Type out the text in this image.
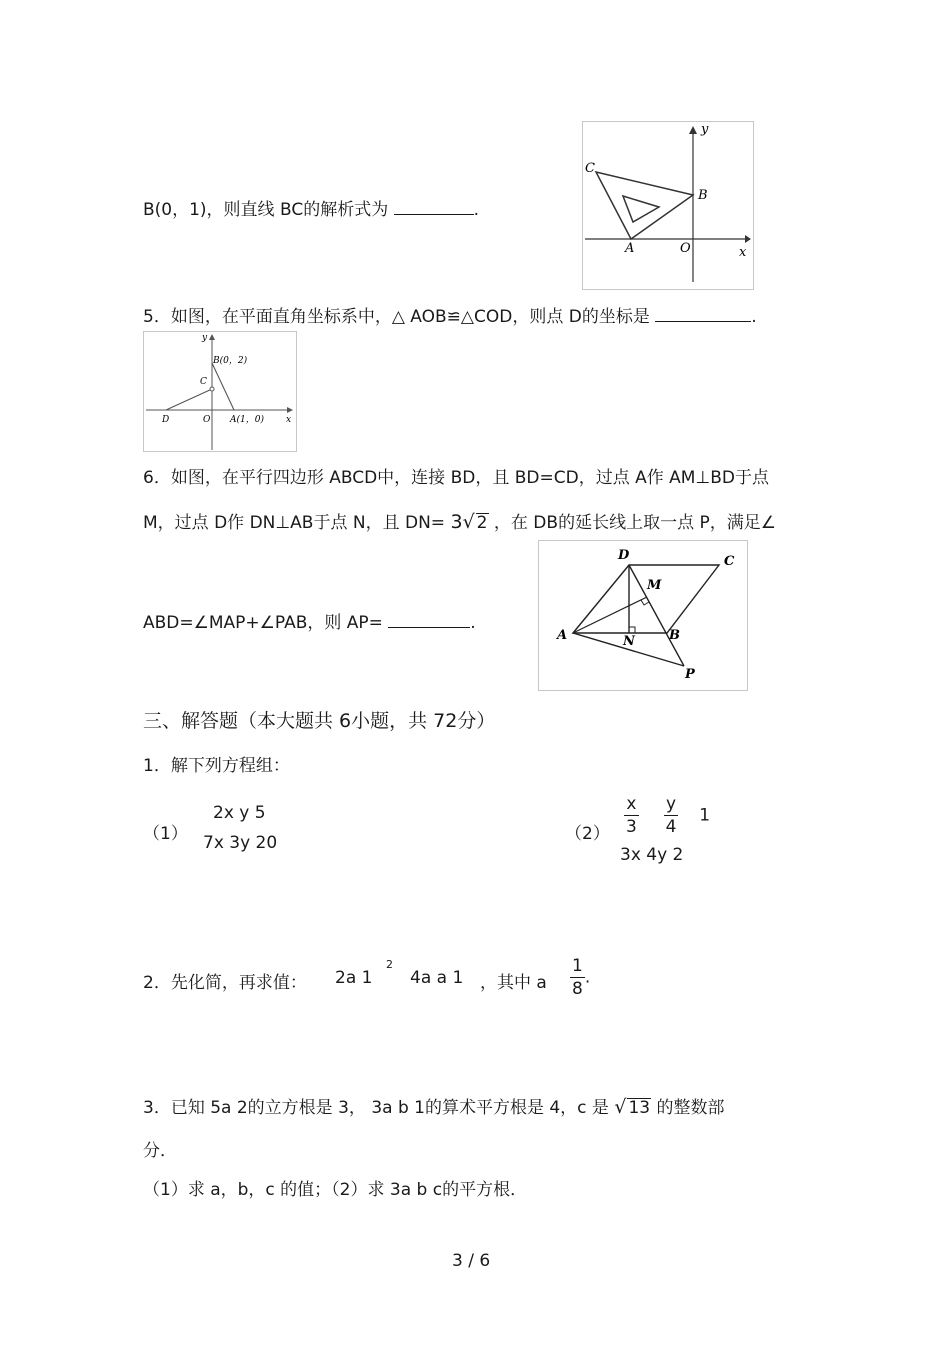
B(0，1)，则直线 BC的解析式为	.
y
x
C
B
A	O
5．如图，在平面直角坐标系中，△ AOB≌△COD，则点 D的坐标是	.
y
x
B(0，2)
C
D	O A(1，0)
6．如图，在平行四边形 ABCD中，连接 BD，且 BD=CD，过点 A作 AM⊥BD于点
M，过点 D作 DN⊥AB于点 N，且 DN= 3√ 2 ，在 DB的延长线上取一点 P，满足∠
ABD=∠MAP+∠PAB，则 AP=	.
D	C
M
A	N	B
P
三、解答题（本大题共 6小题，共 72分）
1．解下列方程组：
（1）
2x y 5
7x 3y 20	$(2) \frac{x}{3}$
$\frac{y}{4} 1$
3x 4y 2
2．先化简，再求值： 2a 1
2
4a a 1 ，其中 a $\frac{1}{8}$ .
3．已知 5a 2的立方根是 3， 3a b 1的算术平方根是 4，c 是 √ 13 的整数部
分．
（1）求 a，b，c 的值；（2）求 3a b c的平方根．
3 / 6
